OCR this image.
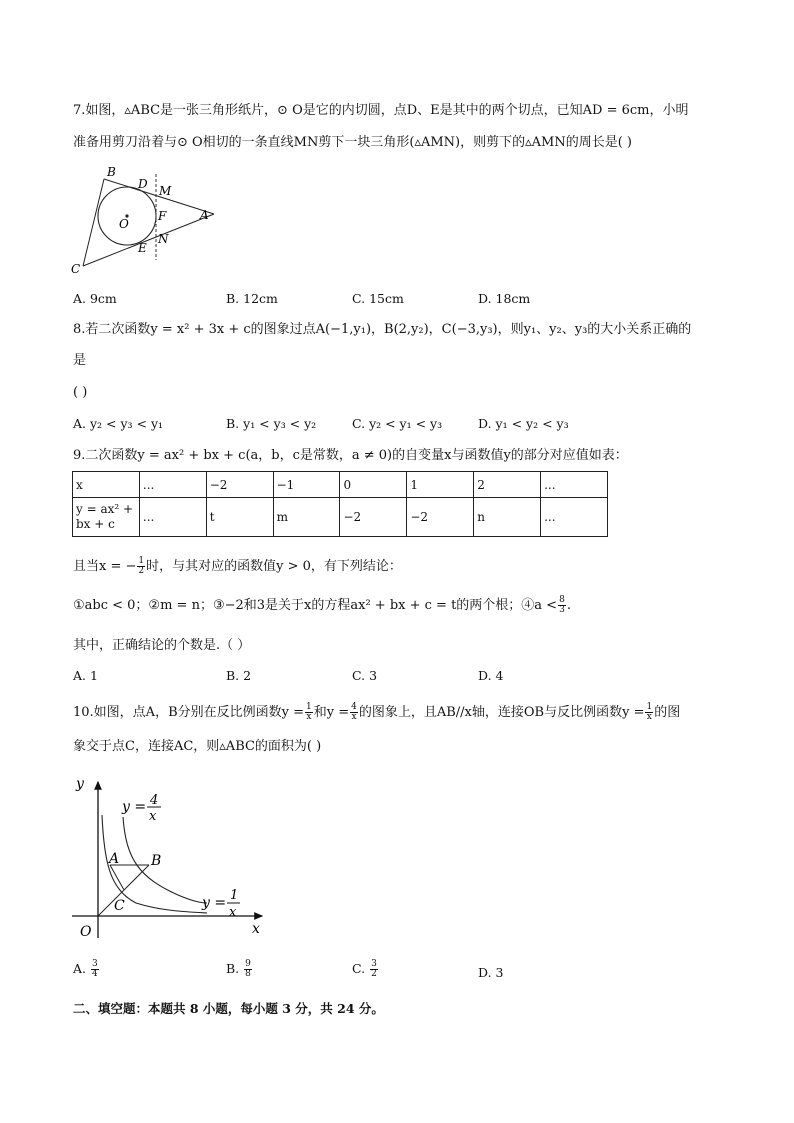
7.如图，▵ABC是一张三角形纸片，⊙ O是它的内切圆，点D、E是其中的两个切点，已知AD = 6cm，小明
准备用剪刀沿着与⊙ O相切的一条直线MN剪下一块三角形(▵AMN)，则剪下的▵AMN的周长是( )
B
D M
A
O
F
N
E
C
A. 9cm	B. 12cm	C. 15cm	D. 18cm
8.若二次函数y = x² + 3x + c的图象过点A(−1,y₁)，B(2,y₂)，C(−3,y₃)，则y₁、y₂、y₃的大小关系正确的
是
( )
A. y₂ < y₃ < y₁	B. y₁ < y₃ < y₂	C. y₂ < y₁ < y₃	D. y₁ < y₂ < y₃
9.二次函数y = ax² + bx + c(a，b，c是常数，a ≠ 0)的自变量x与函数值y的部分对应值如表：
x	...	−2	−1	0	1	2	...

y = ax² +
bx + c	...	t	m	−2	−2	n	...
且当x = − $\frac{1}{2}$ 时，与其对应的函数值y > 0，有下列结论：
①abc < 0；②m = n；③−2和3是关于x的方程ax² + bx + c = t的两个根；④a < $\frac{8}{3}$ .
其中，正确结论的个数是.（ ）
A. 1	B. 2	C. 3	D. 4
10.如图，点A，B分别在反比例函数$y = \frac{1}{x}$ 和$y = \frac{4}{x}$ 的图象上，且AB//x轴，连接OB与反比例函数$y = \frac{1}{x}$ 的图
象交于点C，连接AC，则▵ABC的面积为( )
y
x
O
A B
C
y = 4
x
y = 1
x
A. $\frac{3}{4}$	B. $\frac{9}{8}$	C. $\frac{3}{2}$	D. 3
二、填空题：本题共 8 小题，每小题 3 分，共 24 分。
